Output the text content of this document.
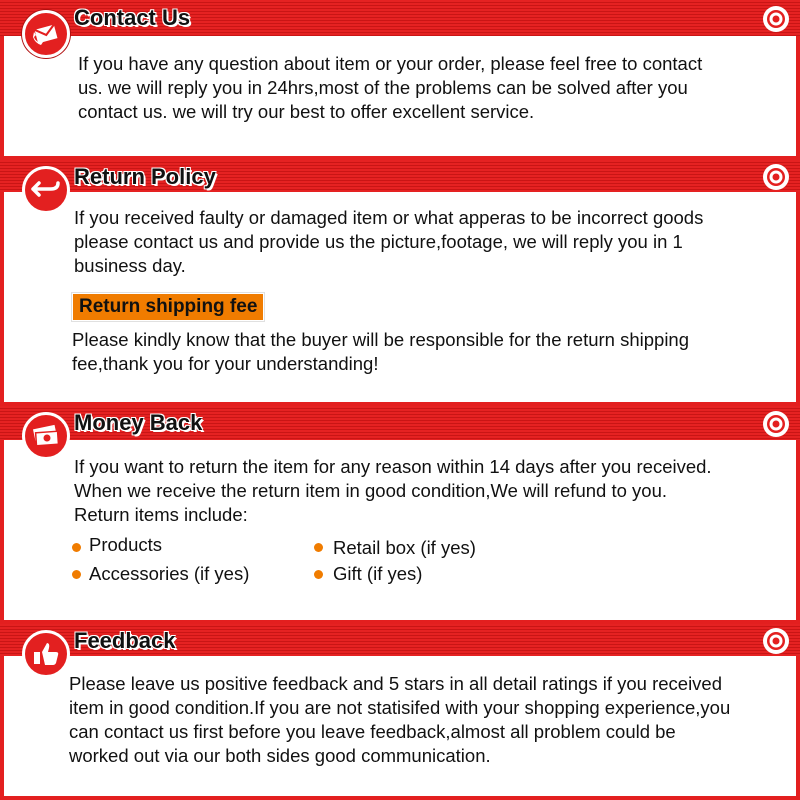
Contact Us
If you have any question about item or your order, please feel free to contact
us. we will reply you in 24hrs,most of the problems can be solved after you
contact us. we will try our best to offer excellent service.
Return Policy
If you received faulty or damaged item or what apperas to be incorrect goods
please contact us and provide us the picture,footage, we will reply you in 1
business day.
Return shipping fee
Please kindly know that the buyer will be responsible for the return shipping
fee,thank you for your understanding!
Money Back
If you want to return the item for any reason within 14 days after you received.
When we receive the return item in good condition,We will refund to you.
Return items include:
Products
Accessories (if yes)
Retail box (if yes)
Gift (if yes)
Feedback
Please leave us positive feedback and 5 stars in all detail ratings if you received
item in good condition.If you are not statisifed with your shopping experience,you
can contact us first before you leave feedback,almost all problem could be
worked out via our both sides good communication.
